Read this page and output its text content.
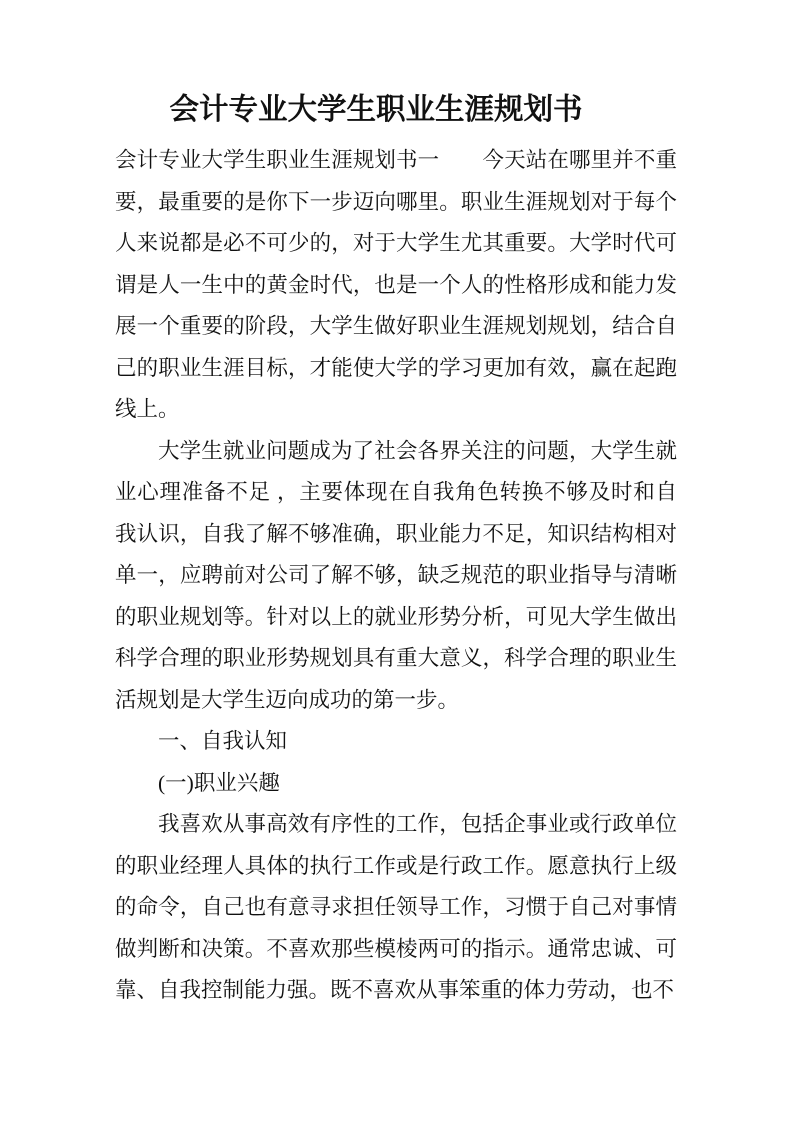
会计专业大学生职业生涯规划书

会计专业大学生职业生涯规划书一　　今天站在哪里并不重要，最重要的是你下一步迈向哪里。职业生涯规划对于每个人来说都是必不可少的，对于大学生尤其重要。大学时代可谓是人一生中的黄金时代，也是一个人的性格形成和能力发展一个重要的阶段，大学生做好职业生涯规划规划，结合自己的职业生涯目标，才能使大学的学习更加有效，赢在起跑线上。

大学生就业问题成为了社会各界关注的问题，大学生就业心理准备不足 ，主要体现在自我角色转换不够及时和自我认识，自我了解不够准确，职业能力不足，知识结构相对单一，应聘前对公司了解不够，缺乏规范的职业指导与清晰的职业规划等。针对以上的就业形势分析，可见大学生做出科学合理的职业形势规划具有重大意义，科学合理的职业生活规划是大学生迈向成功的第一步。

一、自我认知

(一)职业兴趣

我喜欢从事高效有序性的工作，包括企事业或行政单位的职业经理人具体的执行工作或是行政工作。愿意执行上级的命令，自己也有意寻求担任领导工作，习惯于自己对事情做判断和决策。不喜欢那些模棱两可的指示。通常忠诚、可靠、自我控制能力强。既不喜欢从事笨重的体力劳动，也不
